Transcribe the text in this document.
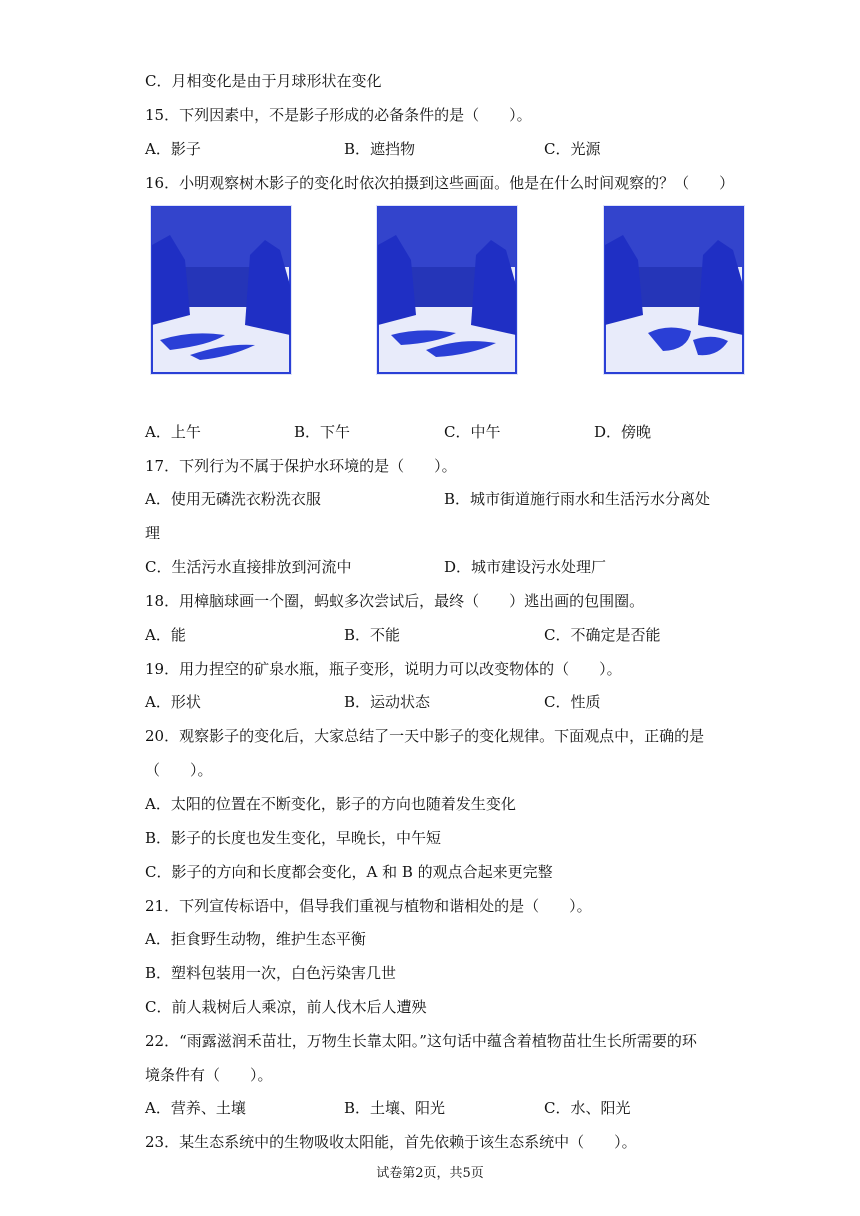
C．月相变化是由于月球形状在变化
15．下列因素中，不是影子形成的必备条件的是（　　）。
A．影子	B．遮挡物	C．光源
16．小明观察树木影子的变化时依次拍摄到这些画面。他是在什么时间观察的？（　　）
A．上午	B．下午	C．中午	D．傍晚
17．下列行为不属于保护水环境的是（　　）。
A．使用无磷洗衣粉洗衣服	B．城市街道施行雨水和生活污水分离处
理
C．生活污水直接排放到河流中	D．城市建设污水处理厂
18．用樟脑球画一个圈，蚂蚁多次尝试后，最终（　　）逃出画的包围圈。
A．能	B．不能	C．不确定是否能
19．用力捏空的矿泉水瓶，瓶子变形，说明力可以改变物体的（　　）。
A．形状	B．运动状态	C．性质
20．观察影子的变化后，大家总结了一天中影子的变化规律。下面观点中，正确的是
（　　）。
A．太阳的位置在不断变化，影子的方向也随着发生变化
B．影子的长度也发生变化，早晚长，中午短
C．影子的方向和长度都会变化，A 和 B 的观点合起来更完整
21．下列宣传标语中，倡导我们重视与植物和谐相处的是（　　）。
A．拒食野生动物，维护生态平衡
B．塑料包装用一次，白色污染害几世
C．前人栽树后人乘凉，前人伐木后人遭殃
22．“雨露滋润禾苗壮，万物生长靠太阳。”这句话中蕴含着植物苗壮生长所需要的环
境条件有（　　）。
A．营养、土壤	B．土壤、阳光	C．水、阳光
23．某生态系统中的生物吸收太阳能，首先依赖于该生态系统中（　　）。
试卷第2页，共5页
